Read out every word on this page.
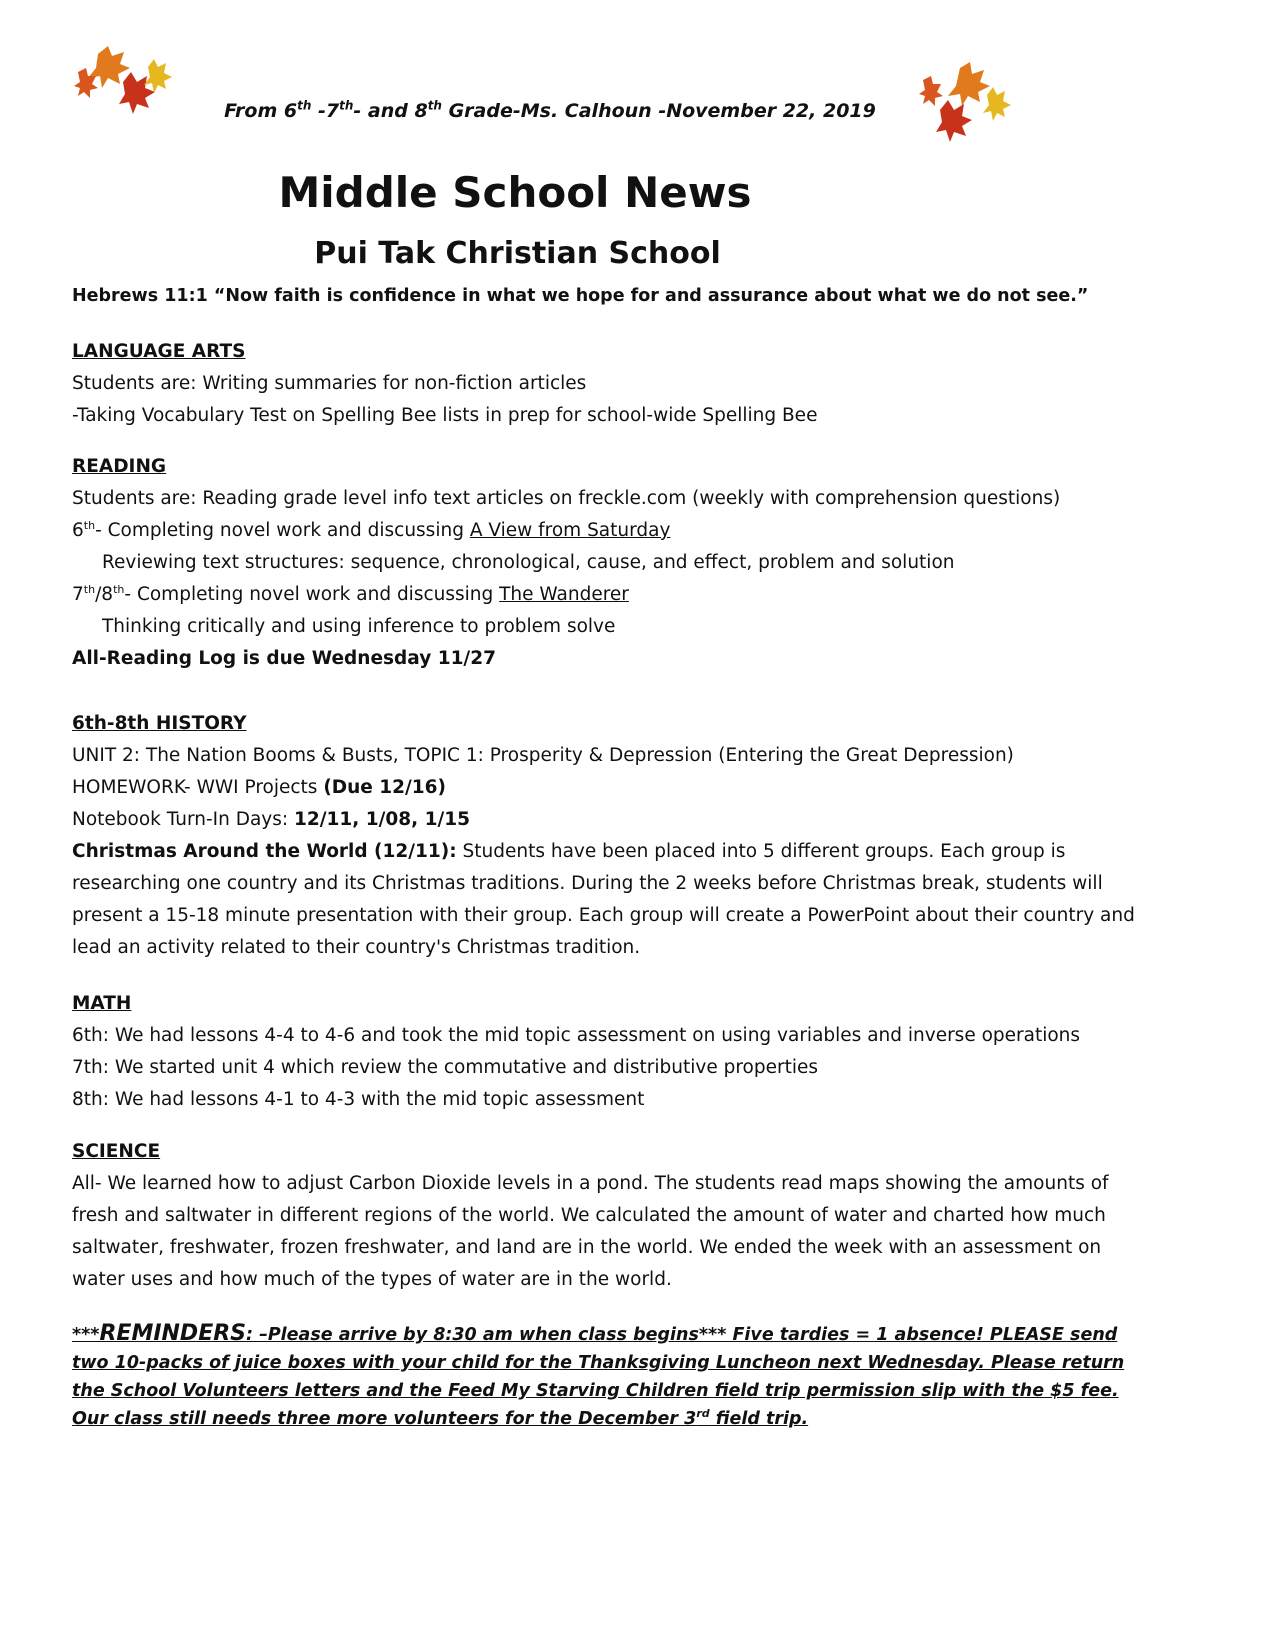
From 6th -7th- and 8th Grade-Ms. Calhoun -November 22, 2019
Middle School News
Pui Tak Christian School
Hebrews 11:1 “Now faith is confidence in what we hope for and assurance about what we do not see.”
LANGUAGE ARTS
Students are: Writing summaries for non-fiction articles
-Taking Vocabulary Test on Spelling Bee lists in prep for school-wide Spelling Bee
READING
Students are: Reading grade level info text articles on freckle.com (weekly with comprehension questions)
6th- Completing novel work and discussing A View from Saturday
Reviewing text structures: sequence, chronological, cause, and effect, problem and solution
7th/8th- Completing novel work and discussing The Wanderer
Thinking critically and using inference to problem solve
All-Reading Log is due Wednesday 11/27
6th-8th HISTORY
UNIT 2: The Nation Booms & Busts, TOPIC 1: Prosperity & Depression (Entering the Great Depression)
HOMEWORK- WWI Projects (Due 12/16)
Notebook Turn-In Days: 12/11, 1/08, 1/15
Christmas Around the World (12/11): Students have been placed into 5 different groups. Each group is researching one country and its Christmas traditions. During the 2 weeks before Christmas break, students will present a 15-18 minute presentation with their group. Each group will create a PowerPoint about their country and lead an activity related to their country's Christmas tradition.
MATH
6th: We had lessons 4-4 to 4-6 and took the mid topic assessment on using variables and inverse operations
7th: We started unit 4 which review the commutative and distributive properties
8th: We had lessons 4-1 to 4-3 with the mid topic assessment
SCIENCE
All- We learned how to adjust Carbon Dioxide levels in a pond. The students read maps showing the amounts of fresh and saltwater in different regions of the world. We calculated the amount of water and charted how much saltwater, freshwater, frozen freshwater, and land are in the world. We ended the week with an assessment on water uses and how much of the types of water are in the world.
***REMINDERS: –Please arrive by 8:30 am when class begins*** Five tardies = 1 absence! PLEASE send two 10-packs of juice boxes with your child for the Thanksgiving Luncheon next Wednesday. Please return the School Volunteers letters and the Feed My Starving Children field trip permission slip with the $5 fee. Our class still needs three more volunteers for the December 3rd field trip.
